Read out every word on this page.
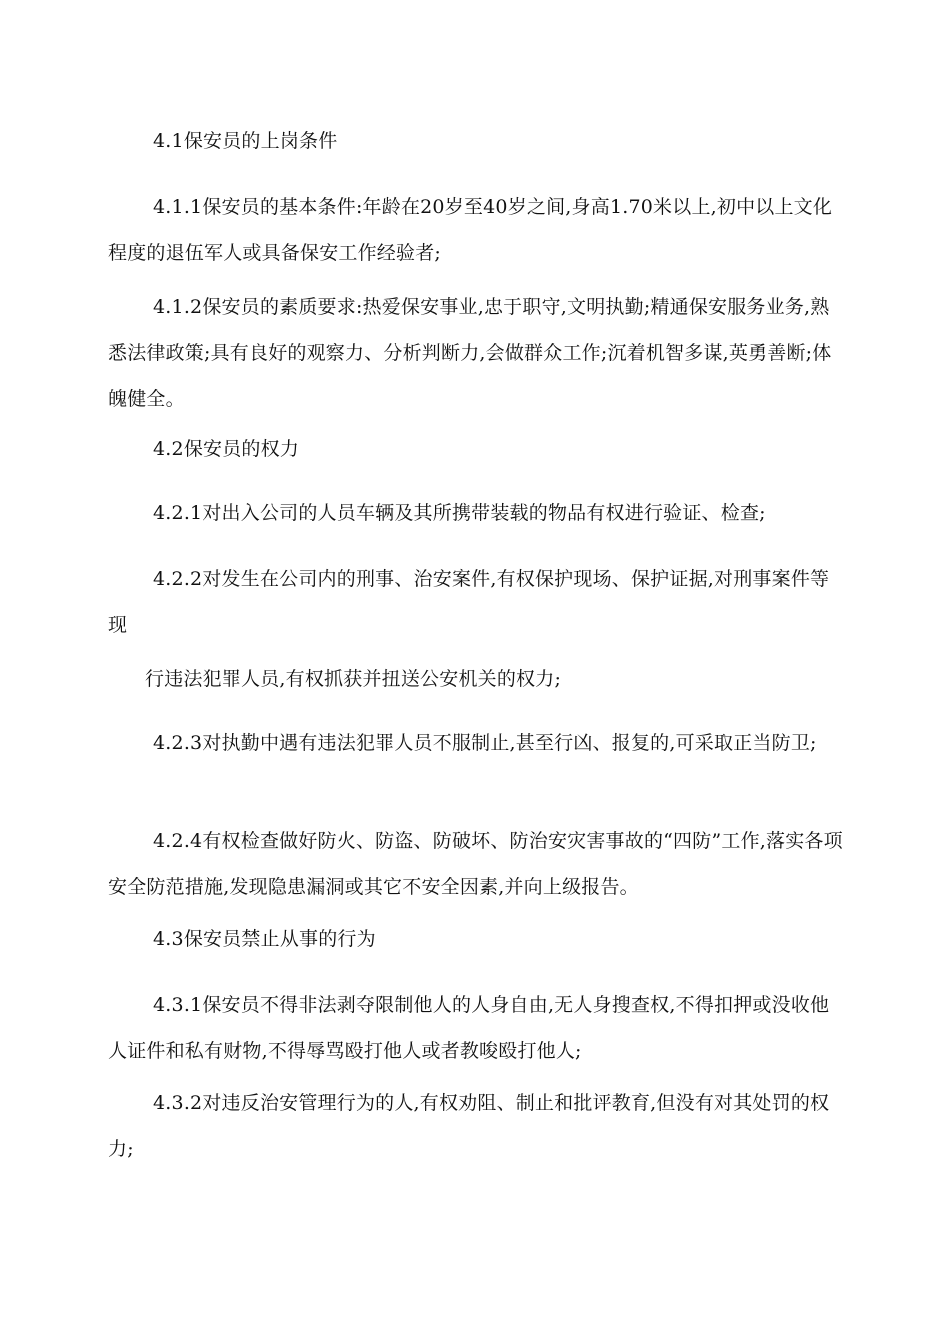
4.1保安员的上岗条件

4.1.1保安员的基本条件:年龄在20岁至40岁之间,身高1.70米以上,初中以上文化程度的退伍军人或具备保安工作经验者;

4.1.2保安员的素质要求:热爱保安事业,忠于职守,文明执勤;精通保安服务业务,熟悉法律政策;具有良好的观察力、分析判断力,会做群众工作;沉着机智多谋,英勇善断;体魄健全。

4.2保安员的权力

4.2.1对出入公司的人员车辆及其所携带装载的物品有权进行验证、检查;

4.2.2对发生在公司内的刑事、治安案件,有权保护现场、保护证据,对刑事案件等现

行违法犯罪人员,有权抓获并扭送公安机关的权力;

4.2.3对执勤中遇有违法犯罪人员不服制止,甚至行凶、报复的,可采取正当防卫;

4.2.4有权检查做好防火、防盗、防破坏、防治安灾害事故的“四防”工作,落实各项安全防范措施,发现隐患漏洞或其它不安全因素,并向上级报告。

4.3保安员禁止从事的行为

4.3.1保安员不得非法剥夺限制他人的人身自由,无人身搜查权,不得扣押或没收他人证件和私有财物,不得辱骂殴打他人或者教唆殴打他人;

4.3.2对违反治安管理行为的人,有权劝阻、制止和批评教育,但没有对其处罚的权力;
